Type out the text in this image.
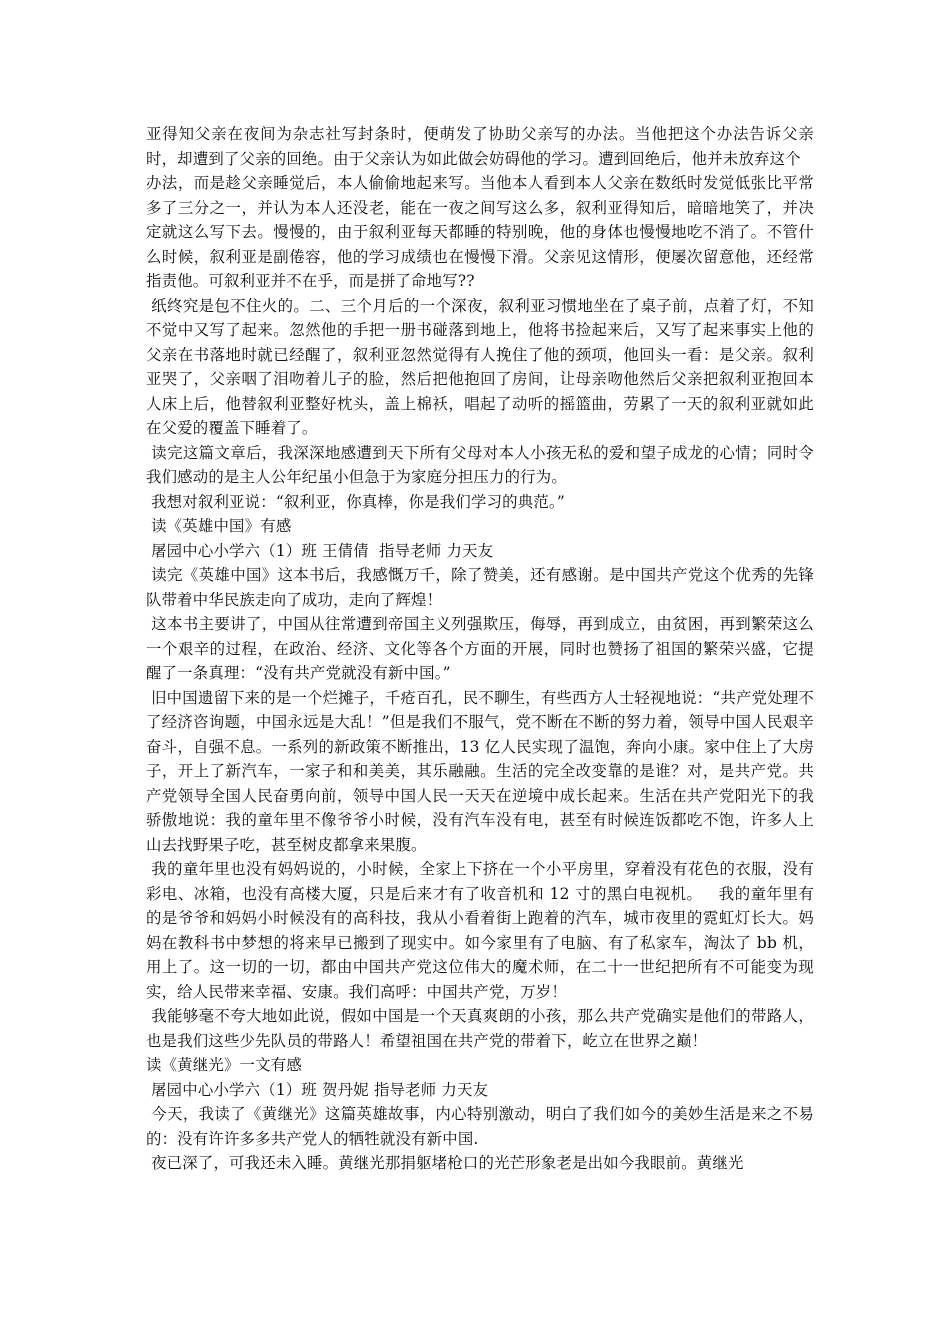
亚得知父亲在夜间为杂志社写封条时，便萌发了协助父亲写的办法。当他把这个办法告诉父亲时，却遭到了父亲的回绝。由于父亲认为如此做会妨碍他的学习。遭到回绝后，他并未放弃这个

办法，而是趁父亲睡觉后，本人偷偷地起来写。当他本人看到本人父亲在数纸时发觉低张比平常多了三分之一，并认为本人还没老，能在一夜之间写这么多，叙利亚得知后，暗暗地笑了，并决定就这么写下去。慢慢的，由于叙利亚每天都睡的特别晚，他的身体也慢慢地吃不消了。不管什么时候，叙利亚是副倦容，他的学习成绩也在慢慢下滑。父亲见这情形，便屡次留意他，还经常指责他。可叙利亚并不在乎，而是拼了命地写??

纸终究是包不住火的。二、三个月后的一个深夜，叙利亚习惯地坐在了桌子前，点着了灯，不知不觉中又写了起来。忽然他的手把一册书碰落到地上，他将书捡起来后，又写了起来事实上他的父亲在书落地时就已经醒了，叙利亚忽然觉得有人挽住了他的颈项，他回头一看：是父亲。叙利亚哭了，父亲咽了泪吻着儿子的脸，然后把他抱回了房间，让母亲吻他然后父亲把叙利亚抱回本人床上后，他替叙利亚整好枕头，盖上棉袄，唱起了动听的摇篮曲，劳累了一天的叙利亚就如此在父爱的覆盖下睡着了。

读完这篇文章后，我深深地感遭到天下所有父母对本人小孩无私的爱和望子成龙的心情；同时令我们感动的是主人公年纪虽小但急于为家庭分担压力的行为。

我想对叙利亚说：“叙利亚，你真棒，你是我们学习的典范。”

读《英雄中国》有感

屠园中心小学六（1）班 王倩倩  指导老师 力天友

读完《英雄中国》这本书后，我感慨万千，除了赞美，还有感谢。是中国共产党这个优秀的先锋队带着中华民族走向了成功，走向了辉煌！

这本书主要讲了，中国从往常遭到帝国主义列强欺压，侮辱，再到成立，由贫困，再到繁荣这么一个艰辛的过程，在政治、经济、文化等各个方面的开展，同时也赞扬了祖国的繁荣兴盛，它提醒了一条真理：“没有共产党就没有新中国。”

旧中国遗留下来的是一个烂摊子，千疮百孔，民不聊生，有些西方人士轻视地说：“共产党处理不了经济咨询题，中国永远是大乱！”但是我们不服气，党不断在不断的努力着，领导中国人民艰辛奋斗，自强不息。一系列的新政策不断推出，13 亿人民实现了温饱，奔向小康。家中住上了大房子，开上了新汽车，一家子和和美美，其乐融融。生活的完全改变靠的是谁？对，是共产党。共产党领导全国人民奋勇向前，领导中国人民一天天在逆境中成长起来。生活在共产党阳光下的我骄傲地说：我的童年里不像爷爷小时候，没有汽车没有电，甚至有时候连饭都吃不饱，许多人上山去找野果子吃，甚至树皮都拿来果腹。

我的童年里也没有妈妈说的，小时候，全家上下挤在一个小平房里，穿着没有花色的衣服，没有彩电、冰箱，也没有高楼大厦，只是后来才有了收音机和 12 寸的黑白电视机。   我的童年里有的是爷爷和妈妈小时候没有的高科技，我从小看着街上跑着的汽车，城市夜里的霓虹灯长大。妈妈在教科书中梦想的将来早已搬到了现实中。如今家里有了电脑、有了私家车，淘汰了 bb 机，用上了。这一切的一切，都由中国共产党这位伟大的魔术师，在二十一世纪把所有不可能变为现实，给人民带来幸福、安康。我们高呼：中国共产党，万岁！

我能够毫不夸大地如此说，假如中国是一个天真爽朗的小孩，那么共产党确实是他们的带路人，也是我们这些少先队员的带路人！希望祖国在共产党的带着下，屹立在世界之巅！

读《黄继光》一文有感

屠园中心小学六（1）班 贺丹妮 指导老师 力天友

今天，我读了《黄继光》这篇英雄故事，内心特别激动，明白了我们如今的美妙生活是来之不易的：没有许许多多共产党人的牺牲就没有新中国.

夜已深了，可我还未入睡。黄继光那捐躯堵枪口的光芒形象老是出如今我眼前。黄继光
